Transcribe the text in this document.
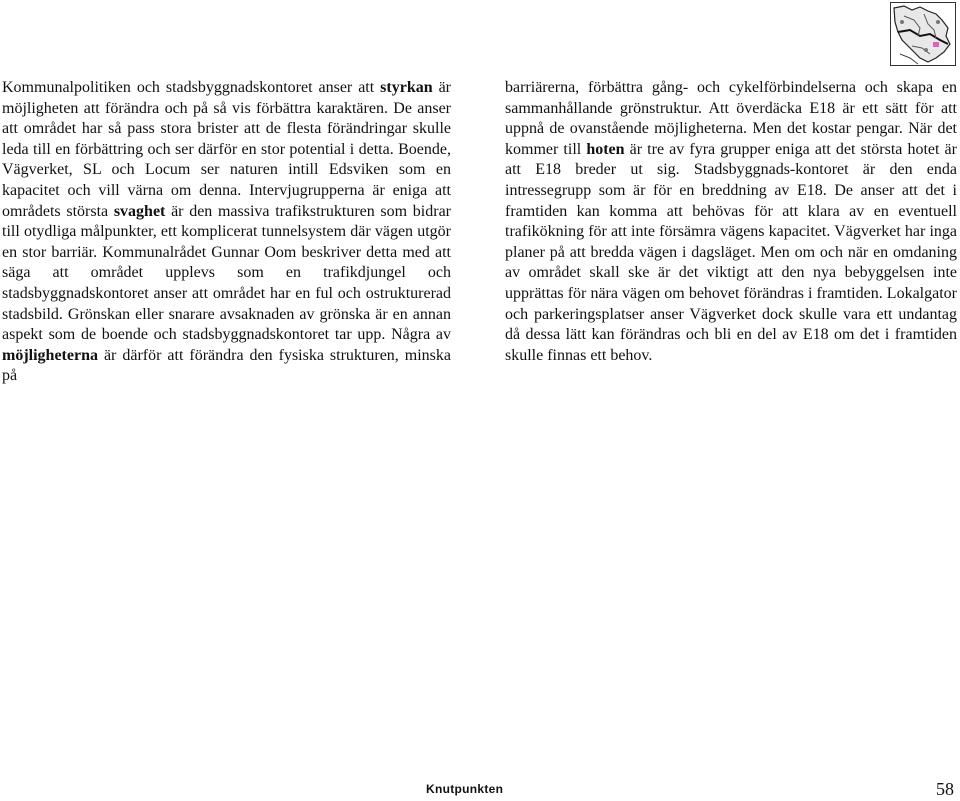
Kommunalpolitiken och stadsbyggnadskontoret anser att styrkan är möjligheten att förändra och på så vis förbättra karaktären. De anser att området har så pass stora brister att de flesta förändringar skulle leda till en förbättring och ser därför en stor potential i detta. Boende, Vägverket, SL och Locum ser naturen intill Edsviken som en kapacitet och vill värna om denna. Intervjugrupperna är eniga att områdets största svaghet är den massiva trafikstrukturen som bidrar till otydliga målpunkter, ett komplicerat tunnelsystem där vägen utgör en stor barriär. Kommunalrådet Gunnar Oom beskriver detta med att säga att området upplevs som en trafikdjungel och stadsbyggnadskontoret anser att området har en ful och ostrukturerad stadsbild. Grönskan eller snarare avsaknaden av grönska är en annan aspekt som de boende och stadsbyggnadskontoret tar upp. Några av möjligheterna är därför att förändra den fysiska strukturen, minska på

barriärerna, förbättra gång- och cykelförbindelserna och skapa en sammanhållande grönstruktur. Att överdäcka E18 är ett sätt för att uppnå de ovanstående möjligheterna. Men det kostar pengar. När det kommer till hoten är tre av fyra grupper eniga att det största hotet är att E18 breder ut sig. Stadsbyggnads-kontoret är den enda intressegrupp som är för en breddning av E18. De anser att det i framtiden kan komma att behövas för att klara av en eventuell trafikökning för att inte försämra vägens kapacitet. Vägverket har inga planer på att bredda vägen i dagsläget. Men om och när en omdaning av området skall ske är det viktigt att den nya bebyggelsen inte upprättas för nära vägen om behovet förändras i framtiden. Lokalgator och parkeringsplatser anser Vägverket dock skulle vara ett undantag då dessa lätt kan förändras och bli en del av E18 om det i framtiden skulle finnas ett behov.

Knutpunkten	58
